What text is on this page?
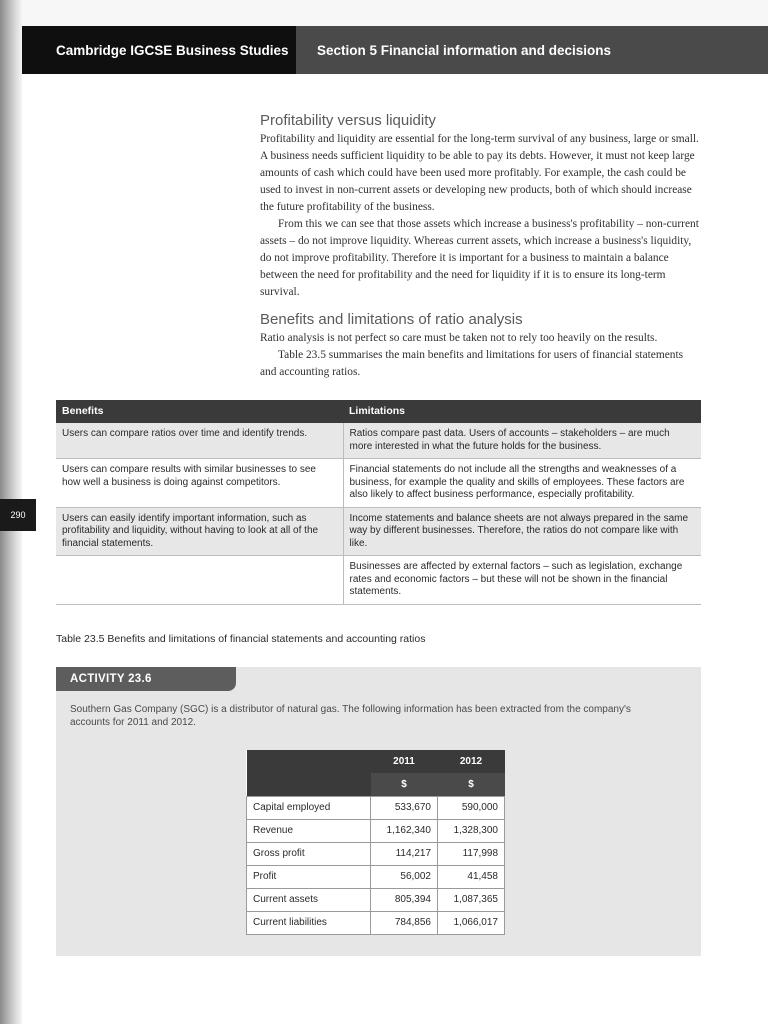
Cambridge IGCSE Business Studies	Section 5 Financial information and decisions
290
Profitability versus liquidity

Profitability and liquidity are essential for the long-term survival of any business, large or small. A business needs sufficient liquidity to be able to pay its debts. However, it must not keep large amounts of cash which could have been used more profitably. For example, the cash could be used to invest in non-current assets or developing new products, both of which should increase the future profitability of the business.

From this we can see that those assets which increase a business's profitability – non-current assets – do not improve liquidity. Whereas current assets, which increase a business's liquidity, do not improve profitability. Therefore it is important for a business to maintain a balance between the need for profitability and the need for liquidity if it is to ensure its long-term survival.

Benefits and limitations of ratio analysis

Ratio analysis is not perfect so care must be taken not to rely too heavily on the results.

Table 23.5 summarises the main benefits and limitations for users of financial statements and accounting ratios.

Benefits	Limitations
Users can compare ratios over time and identify trends.	Ratios compare past data. Users of accounts – stakeholders – are much more interested in what the future holds for the business.
Users can compare results with similar businesses to see how well a business is doing against competitors.	Financial statements do not include all the strengths and weaknesses of a business, for example the quality and skills of employees. These factors are also likely to affect business performance, especially profitability.
Users can easily identify important information, such as profitability and liquidity, without having to look at all of the financial statements.	Income statements and balance sheets are not always prepared in the same way by different businesses. Therefore, the ratios do not compare like with like.
	Businesses are affected by external factors – such as legislation, exchange rates and economic factors – but these will not be shown in the financial statements.
Table 23.5 Benefits and limitations of financial statements and accounting ratios
ACTIVITY 23.6

Southern Gas Company (SGC) is a distributor of natural gas. The following information has been extracted from the company's accounts for 2011 and 2012.

	2011	2012
	$	$
Capital employed	533,670	590,000
Revenue	1,162,340	1,328,300
Gross profit	114,217	117,998
Profit	56,002	41,458
Current assets	805,394	1,087,365
Current liabilities	784,856	1,066,017
